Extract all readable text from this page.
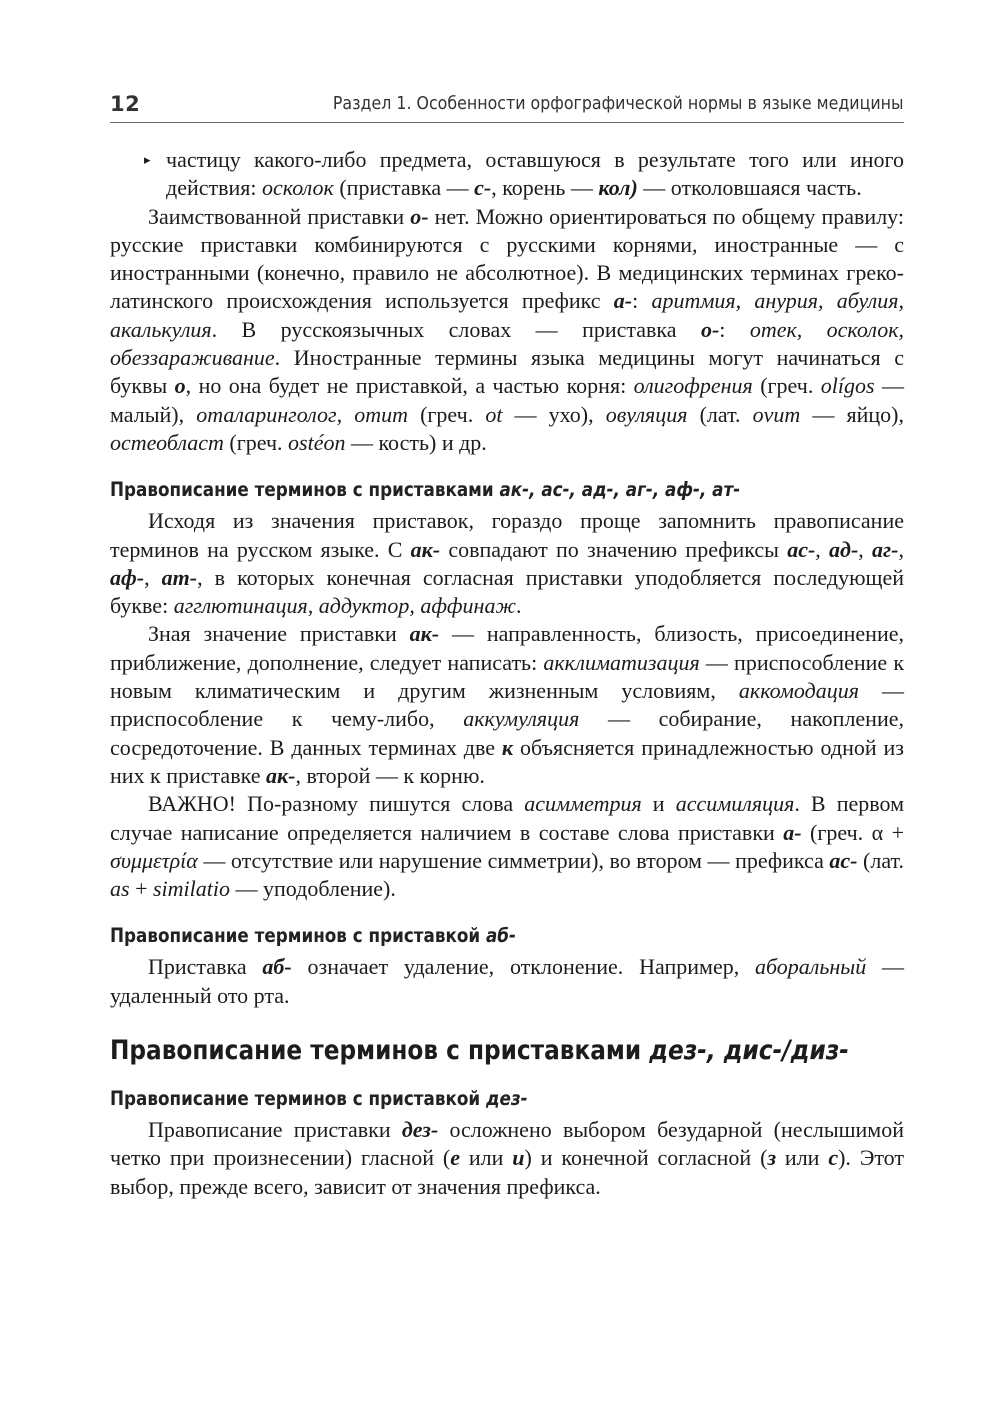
12	Раздел 1. Особенности орфографической нормы в языке медицины

▸ частицу какого-либо предмета, оставшуюся в результате того или иного действия: осколок (приставка — с-, корень — кол) — отколовшаяся часть.

Заимствованной приставки о- нет. Можно ориентироваться по общему правилу: русские приставки комбинируются с русскими корнями, иностранные — с иностранными (конечно, правило не абсолютное). В медицинских терминах греко-латинского происхождения используется префикс а-: аритмия, анурия, абулия, акалькулия. В русскоязычных словах — приставка о-: отек, осколок, обеззараживание. Иностранные термины языка медицины могут начинаться с буквы о, но она будет не приставкой, а частью корня: олигофрения (греч. olígos — малый), оталаринголог, отит (греч. ot — ухо), овуляция (лат. ovum — яйцо), остеобласт (греч. ostéon — кость) и др.

Правописание терминов с приставками ак-, ас-, ад-, аг-, аф-, ат-

Исходя из значения приставок, гораздо проще запомнить правописание терминов на русском языке. С ак- совпадают по значению префиксы ас-, ад-, аг-, аф-, ат-, в которых конечная согласная приставки уподобляется последующей букве: агглютинация, аддуктор, аффинаж.

Зная значение приставки ак- — направленность, близость, присоединение, приближение, дополнение, следует написать: акклиматизация — приспособление к новым климатическим и другим жизненным условиям, аккомодация — приспособление к чему-либо, аккумуляция — собирание, накопление, сосредоточение. В данных терминах две к объясняется принадлежностью одной из них к приставке ак-, второй — к корню.

ВАЖНО! По-разному пишутся слова асимметрия и ассимиляция. В первом случае написание определяется наличием в составе слова приставки а- (греч. α + συμμετρία — отсутствие или нарушение симметрии), во втором — префикса ас- (лат. as + similatio — уподобление).

Правописание терминов с приставкой аб-

Приставка аб- означает удаление, отклонение. Например, аборальный — удаленный ото рта.

Правописание терминов с приставками дез-, дис-/диз-
Правописание терминов с приставкой дез-

Правописание приставки дез- осложнено выбором безударной (неслышимой четко при произнесении) гласной (е или и) и конечной согласной (з или с). Этот выбор, прежде всего, зависит от значения префикса.
